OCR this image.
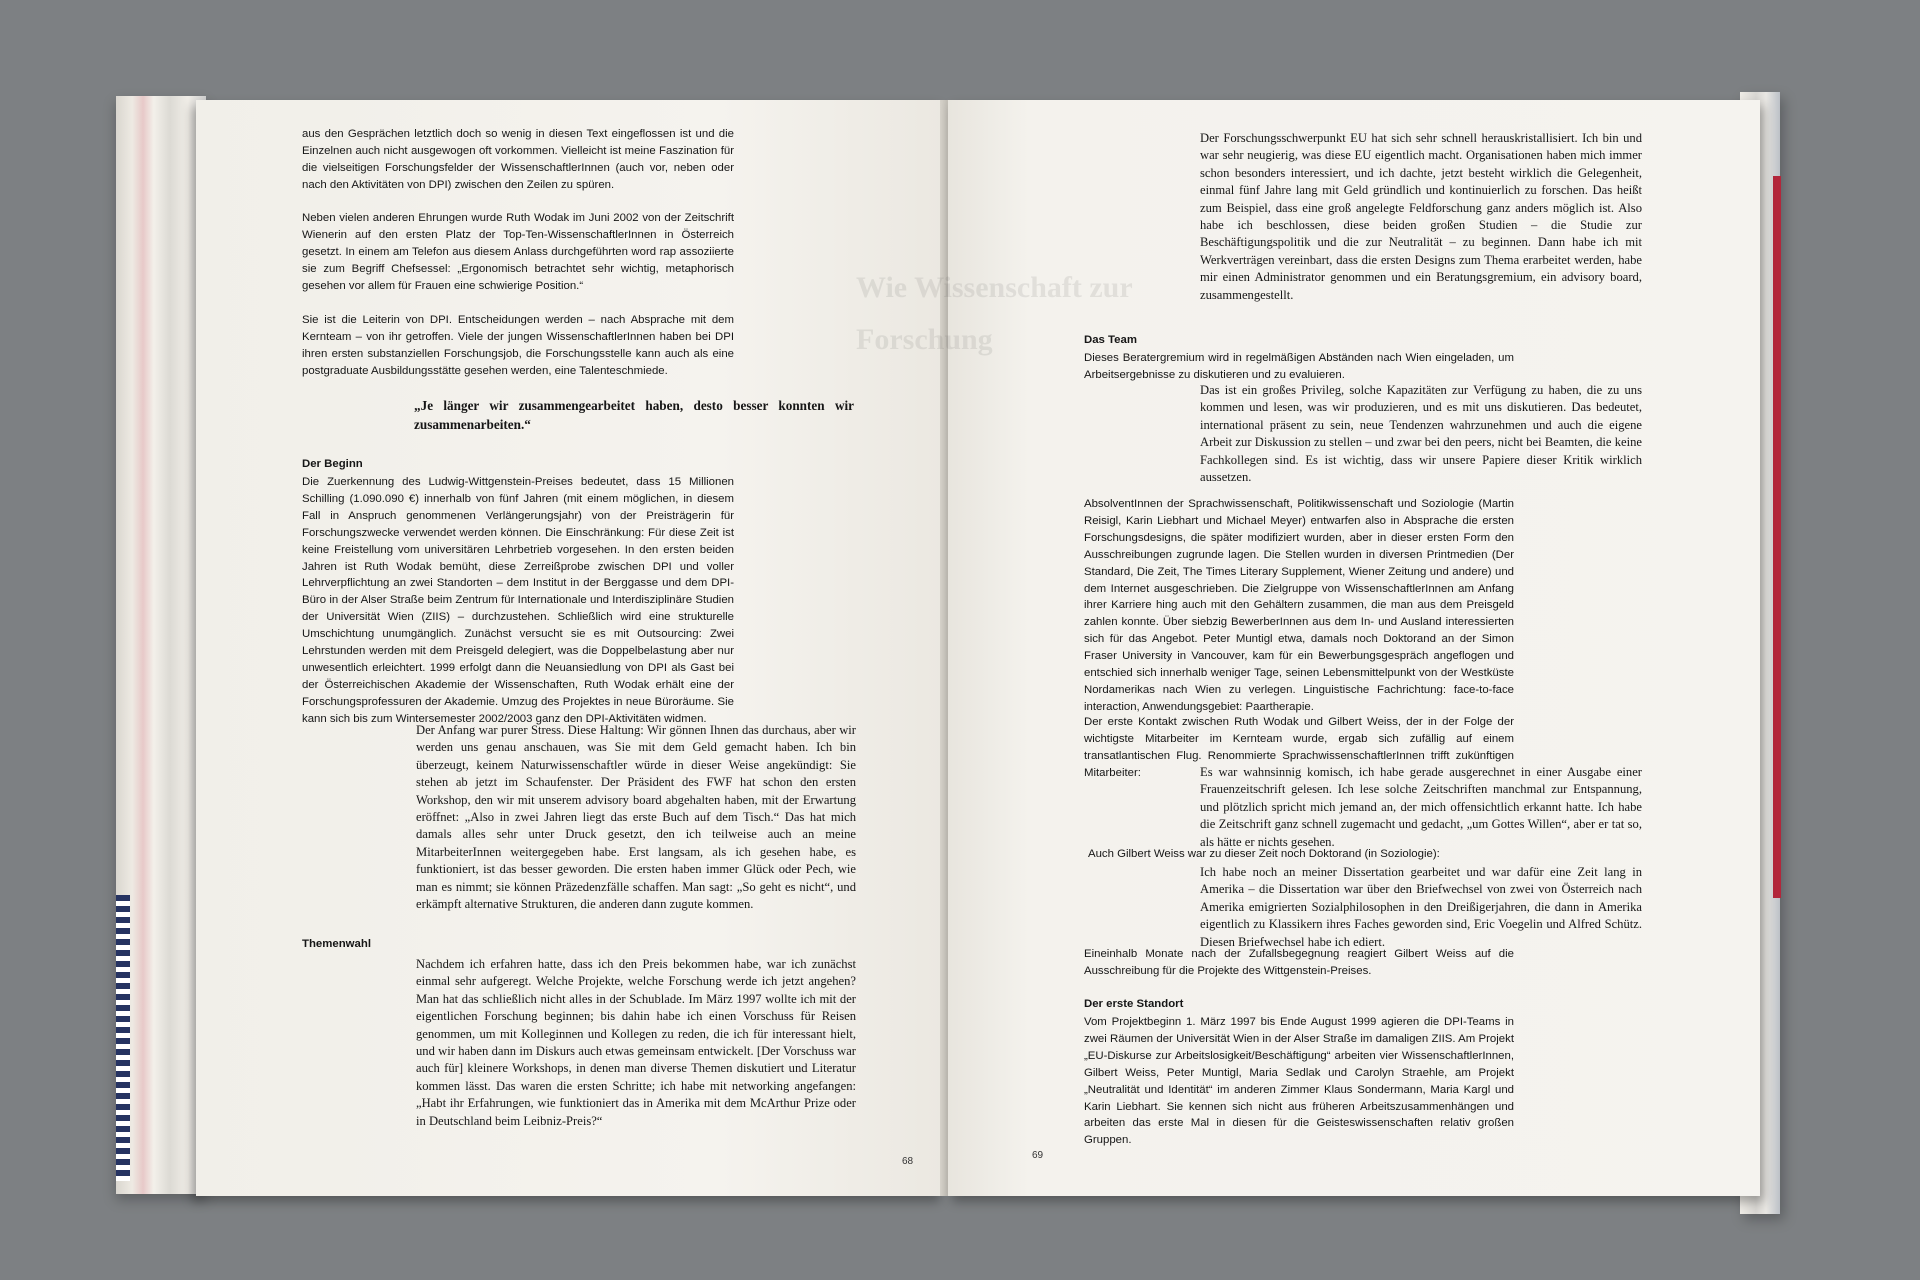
aus den Gesprächen letztlich doch so wenig in diesen Text eingeflossen ist und die Einzelnen auch nicht ausgewogen oft vorkommen. Vielleicht ist meine Faszination für die vielseitigen Forschungsfelder der WissenschaftlerInnen (auch vor, neben oder nach den Aktivitäten von DPI) zwischen den Zeilen zu spüren.

Neben vielen anderen Ehrungen wurde Ruth Wodak im Juni 2002 von der Zeitschrift Wienerin auf den ersten Platz der Top-Ten-WissenschaftlerInnen in Österreich gesetzt. In einem am Telefon aus diesem Anlass durchgeführten word rap assoziierte sie zum Begriff Chefsessel: „Ergonomisch betrachtet sehr wichtig, metaphorisch gesehen vor allem für Frauen eine schwierige Position.“

Sie ist die Leiterin von DPI. Entscheidungen werden – nach Absprache mit dem Kernteam – von ihr getroffen. Viele der jungen WissenschaftlerInnen haben bei DPI ihren ersten substanziellen Forschungsjob, die Forschungsstelle kann auch als eine postgraduate Ausbildungsstätte gesehen werden, eine Talenteschmiede.

„Je länger wir zusammengearbeitet haben, desto besser konnten wir zusammenarbeiten.“

Der Beginn

Die Zuerkennung des Ludwig-Wittgenstein-Preises bedeutet, dass 15 Millionen Schilling (1.090.090 €) innerhalb von fünf Jahren (mit einem möglichen, in diesem Fall in Anspruch genommenen Verlängerungsjahr) von der Preisträgerin für Forschungszwecke verwendet werden können. Die Einschränkung: Für diese Zeit ist keine Freistellung vom universitären Lehrbetrieb vorgesehen. In den ersten beiden Jahren ist Ruth Wodak bemüht, diese Zerreißprobe zwischen DPI und voller Lehrverpflichtung an zwei Standorten – dem Institut in der Berggasse und dem DPI-Büro in der Alser Straße beim Zentrum für Internationale und Interdisziplinäre Studien der Universität Wien (ZIIS) – durchzustehen. Schließlich wird eine strukturelle Umschichtung unumgänglich. Zunächst versucht sie es mit Outsourcing: Zwei Lehrstunden werden mit dem Preisgeld delegiert, was die Doppelbelastung aber nur unwesentlich erleichtert. 1999 erfolgt dann die Neuansiedlung von DPI als Gast bei der Österreichischen Akademie der Wissenschaften, Ruth Wodak erhält eine der Forschungsprofessuren der Akademie. Umzug des Projektes in neue Büroräume. Sie kann sich bis zum Wintersemester 2002/2003 ganz den DPI-Aktivitäten widmen.

Der Anfang war purer Stress. Diese Haltung: Wir gönnen Ihnen das durchaus, aber wir werden uns genau anschauen, was Sie mit dem Geld gemacht haben. Ich bin überzeugt, keinem Naturwissenschaftler würde in dieser Weise angekündigt: Sie stehen ab jetzt im Schaufenster. Der Präsident des FWF hat schon den ersten Workshop, den wir mit unserem advisory board abgehalten haben, mit der Erwartung eröffnet: „Also in zwei Jahren liegt das erste Buch auf dem Tisch.“ Das hat mich damals alles sehr unter Druck gesetzt, den ich teilweise auch an meine MitarbeiterInnen weitergegeben habe. Erst langsam, als ich gesehen habe, es funktioniert, ist das besser geworden. Die ersten haben immer Glück oder Pech, wie man es nimmt; sie können Präzedenzfälle schaffen. Man sagt: „So geht es nicht“, und erkämpft alternative Strukturen, die anderen dann zugute kommen.

Themenwahl

Nachdem ich erfahren hatte, dass ich den Preis bekommen habe, war ich zunächst einmal sehr aufgeregt. Welche Projekte, welche Forschung werde ich jetzt angehen? Man hat das schließlich nicht alles in der Schublade. Im März 1997 wollte ich mit der eigentlichen Forschung beginnen; bis dahin habe ich einen Vorschuss für Reisen genommen, um mit Kolleginnen und Kollegen zu reden, die ich für interessant hielt, und wir haben dann im Diskurs auch etwas gemeinsam entwickelt. [Der Vorschuss war auch für] kleinere Workshops, in denen man diverse Themen diskutiert und Literatur kommen lässt. Das waren die ersten Schritte; ich habe mit networking angefangen: „Habt ihr Erfahrungen, wie funktioniert das in Amerika mit dem McArthur Prize oder in Deutschland beim Leibniz-Preis?“

68

Der Forschungsschwerpunkt EU hat sich sehr schnell herauskristallisiert. Ich bin und war sehr neugierig, was diese EU eigentlich macht. Organisationen haben mich immer schon besonders interessiert, und ich dachte, jetzt besteht wirklich die Gelegenheit, einmal fünf Jahre lang mit Geld gründlich und kontinuierlich zu forschen. Das heißt zum Beispiel, dass eine groß angelegte Feldforschung ganz anders möglich ist. Also habe ich beschlossen, diese beiden großen Studien – die Studie zur Beschäftigungspolitik und die zur Neutralität – zu beginnen. Dann habe ich mit Werkverträgen vereinbart, dass die ersten Designs zum Thema erarbeitet werden, habe mir einen Administrator genommen und ein Beratungsgremium, ein advisory board, zusammengestellt.

Das Team

Dieses Beratergremium wird in regelmäßigen Abständen nach Wien eingeladen, um Arbeitsergebnisse zu diskutieren und zu evaluieren.

Das ist ein großes Privileg, solche Kapazitäten zur Verfügung zu haben, die zu uns kommen und lesen, was wir produzieren, und es mit uns diskutieren. Das bedeutet, international präsent zu sein, neue Tendenzen wahrzunehmen und auch die eigene Arbeit zur Diskussion zu stellen – und zwar bei den peers, nicht bei Beamten, die keine Fachkollegen sind. Es ist wichtig, dass wir unsere Papiere dieser Kritik wirklich aussetzen.

AbsolventInnen der Sprachwissenschaft, Politikwissenschaft und Soziologie (Martin Reisigl, Karin Liebhart und Michael Meyer) entwarfen also in Absprache die ersten Forschungsdesigns, die später modifiziert wurden, aber in dieser ersten Form den Ausschreibungen zugrunde lagen. Die Stellen wurden in diversen Printmedien (Der Standard, Die Zeit, The Times Literary Supplement, Wiener Zeitung und andere) und dem Internet ausgeschrieben. Die Zielgruppe von WissenschaftlerInnen am Anfang ihrer Karriere hing auch mit den Gehältern zusammen, die man aus dem Preisgeld zahlen konnte. Über siebzig BewerberInnen aus dem In- und Ausland interessierten sich für das Angebot. Peter Muntigl etwa, damals noch Doktorand an der Simon Fraser University in Vancouver, kam für ein Bewerbungsgespräch angeflogen und entschied sich innerhalb weniger Tage, seinen Lebensmittelpunkt von der Westküste Nordamerikas nach Wien zu verlegen. Linguistische Fachrichtung: face-to-face interaction, Anwendungsgebiet: Paartherapie.

Der erste Kontakt zwischen Ruth Wodak und Gilbert Weiss, der in der Folge der wichtigste Mitarbeiter im Kernteam wurde, ergab sich zufällig auf einem transatlantischen Flug. Renommierte SprachwissenschaftlerInnen trifft zukünftigen Mitarbeiter:	Es war wahnsinnig komisch, ich habe gerade ausgerechnet in einer Ausgabe einer Frauenzeitschrift gelesen. Ich lese solche Zeitschriften manchmal zur Entspannung, und plötzlich spricht mich jemand an, der mich offensichtlich erkannt hatte. Ich habe die Zeitschrift ganz schnell zugemacht und gedacht, „um Gottes Willen“, aber er tat so, als hätte er nichts gesehen.

Auch Gilbert Weiss war zu dieser Zeit noch Doktorand (in Soziologie):

Ich habe noch an meiner Dissertation gearbeitet und war dafür eine Zeit lang in Amerika – die Dissertation war über den Briefwechsel von zwei von Österreich nach Amerika emigrierten Sozialphilosophen in den Dreißigerjahren, die dann in Amerika eigentlich zu Klassikern ihres Faches geworden sind, Eric Voegelin und Alfred Schütz. Diesen Briefwechsel habe ich ediert.

Eineinhalb Monate nach der Zufallsbegegnung reagiert Gilbert Weiss auf die Ausschreibung für die Projekte des Wittgenstein-Preises.

Der erste Standort

Vom Projektbeginn 1. März 1997 bis Ende August 1999 agieren die DPI-Teams in zwei Räumen der Universität Wien in der Alser Straße im damaligen ZIIS. Am Projekt „EU-Diskurse zur Arbeitslosigkeit/Beschäftigung“ arbeiten vier WissenschaftlerInnen, Gilbert Weiss, Peter Muntigl, Maria Sedlak und Carolyn Straehle, am Projekt „Neutralität und Identität“ im anderen Zimmer Klaus Sondermann, Maria Kargl und Karin Liebhart. Sie kennen sich nicht aus früheren Arbeitszusammenhängen und arbeiten das erste Mal in diesen für die Geisteswissenschaften relativ großen Gruppen.

69
Wie Wissenschaft zur Forschung
